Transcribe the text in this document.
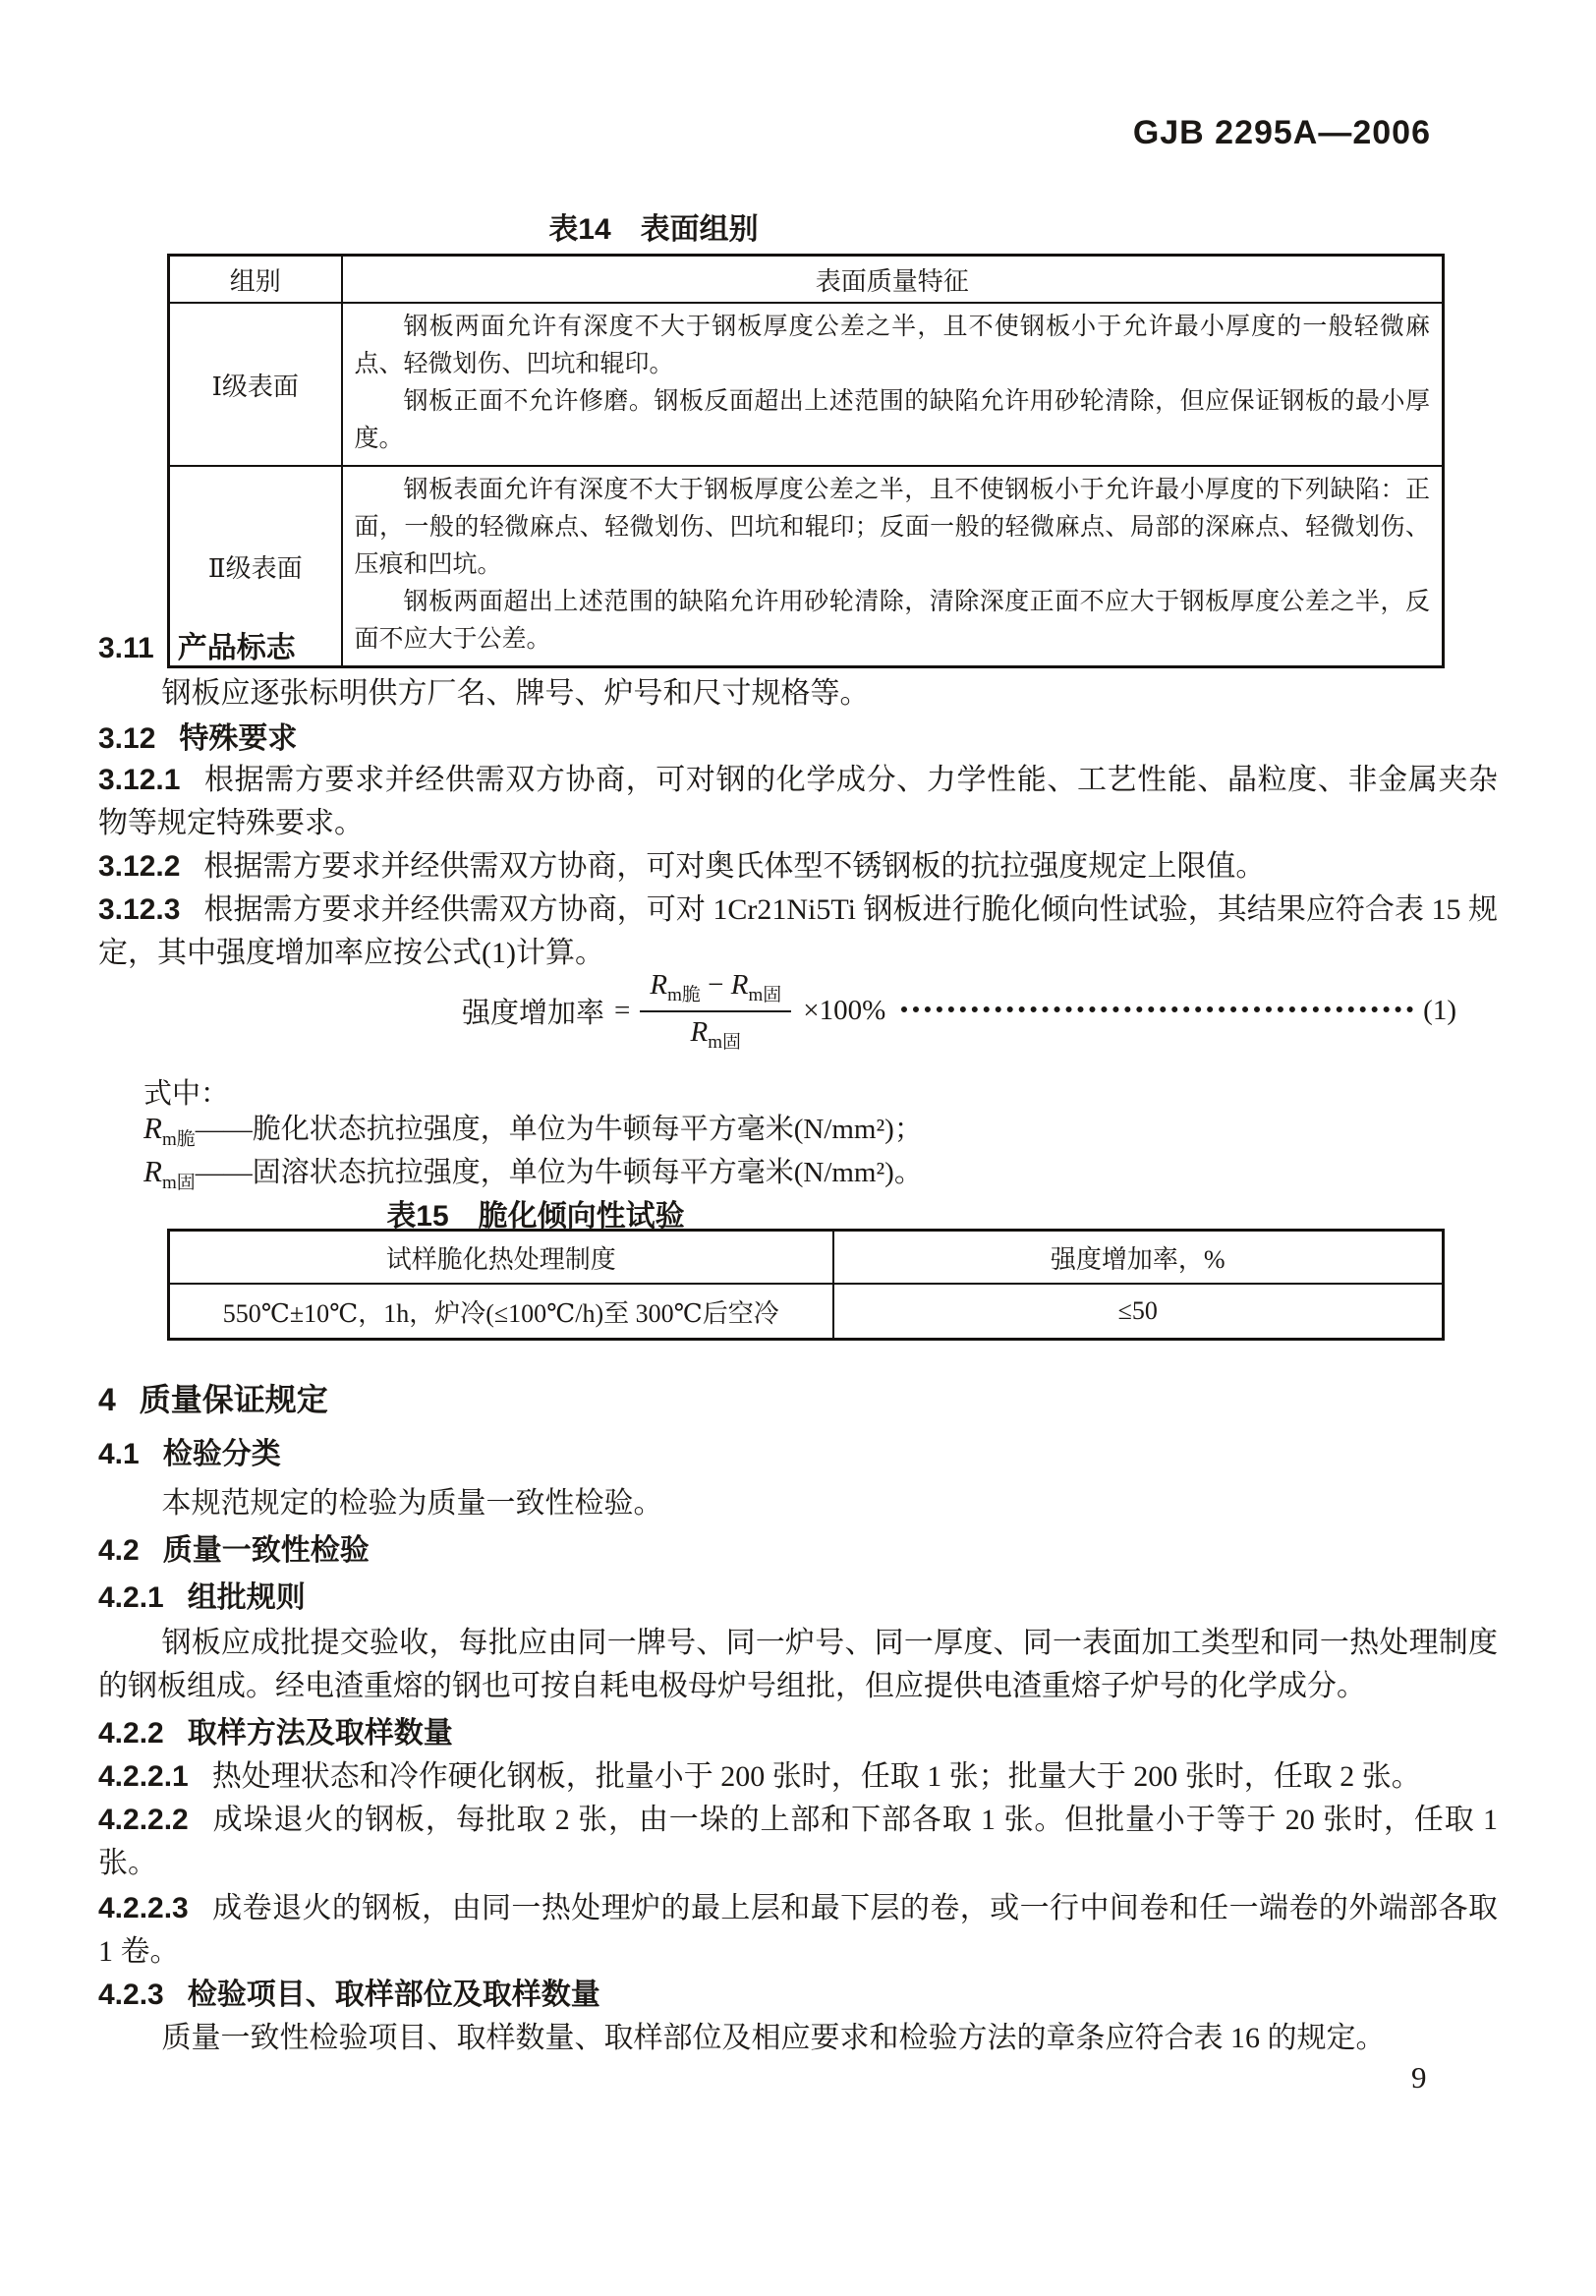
GJB 2295A—2006
表14　表面组别
组别	表面质量特征
Ⅰ级表面	钢板两面允许有深度不大于钢板厚度公差之半，且不使钢板小于允许最小厚度的一般轻微麻点、轻微划伤、凹坑和辊印。

钢板正面不允许修磨。钢板反面超出上述范围的缺陷允许用砂轮清除，但应保证钢板的最小厚度。

Ⅱ级表面	钢板表面允许有深度不大于钢板厚度公差之半，且不使钢板小于允许最小厚度的下列缺陷：正面，一般的轻微麻点、轻微划伤、凹坑和辊印；反面一般的轻微麻点、局部的深麻点、轻微划伤、压痕和凹坑。

钢板两面超出上述范围的缺陷允许用砂轮清除，清除深度正面不应大于钢板厚度公差之半，反面不应大于公差。

3.11 产品标志
钢板应逐张标明供方厂名、牌号、炉号和尺寸规格等。
3.12 特殊要求
3.12.1 根据需方要求并经供需双方协商，可对钢的化学成分、力学性能、工艺性能、晶粒度、非金属夹杂物等规定特殊要求。
3.12.2 根据需方要求并经供需双方协商，可对奥氏体型不锈钢板的抗拉强度规定上限值。
3.12.3 根据需方要求并经供需双方协商，可对 1Cr21Ni5Ti 钢板进行脆化倾向性试验，其结果应符合表 15 规定，其中强度增加率应按公式(1)计算。
强度增加率 = $\frac{R_{m脆} - R_{m固}}{R_{m固}} \times 100\%$	(1)
式中：
$R_{m脆}——$脆化状态抗拉强度，单位为牛顿每平方毫米(N/mm²)；
$R_{m固}——$固溶状态抗拉强度，单位为牛顿每平方毫米(N/mm²)。
表15　脆化倾向性试验
试样脆化热处理制度	强度增加率，%
550℃±10℃，1h，炉冷(≤100℃/h)至 300℃后空冷	≤50
4 质量保证规定
4.1 检验分类
本规范规定的检验为质量一致性检验。
4.2 质量一致性检验
4.2.1 组批规则
钢板应成批提交验收，每批应由同一牌号、同一炉号、同一厚度、同一表面加工类型和同一热处理制度的钢板组成。经电渣重熔的钢也可按自耗电极母炉号组批，但应提供电渣重熔子炉号的化学成分。
4.2.2 取样方法及取样数量
4.2.2.1 热处理状态和冷作硬化钢板，批量小于 200 张时，任取 1 张；批量大于 200 张时，任取 2 张。
4.2.2.2 成垛退火的钢板，每批取 2 张，由一垛的上部和下部各取 1 张。但批量小于等于 20 张时，任取 1 张。
4.2.2.3 成卷退火的钢板，由同一热处理炉的最上层和最下层的卷，或一行中间卷和任一端卷的外端部各取 1 卷。
4.2.3 检验项目、取样部位及取样数量
质量一致性检验项目、取样数量、取样部位及相应要求和检验方法的章条应符合表 16 的规定。
9
